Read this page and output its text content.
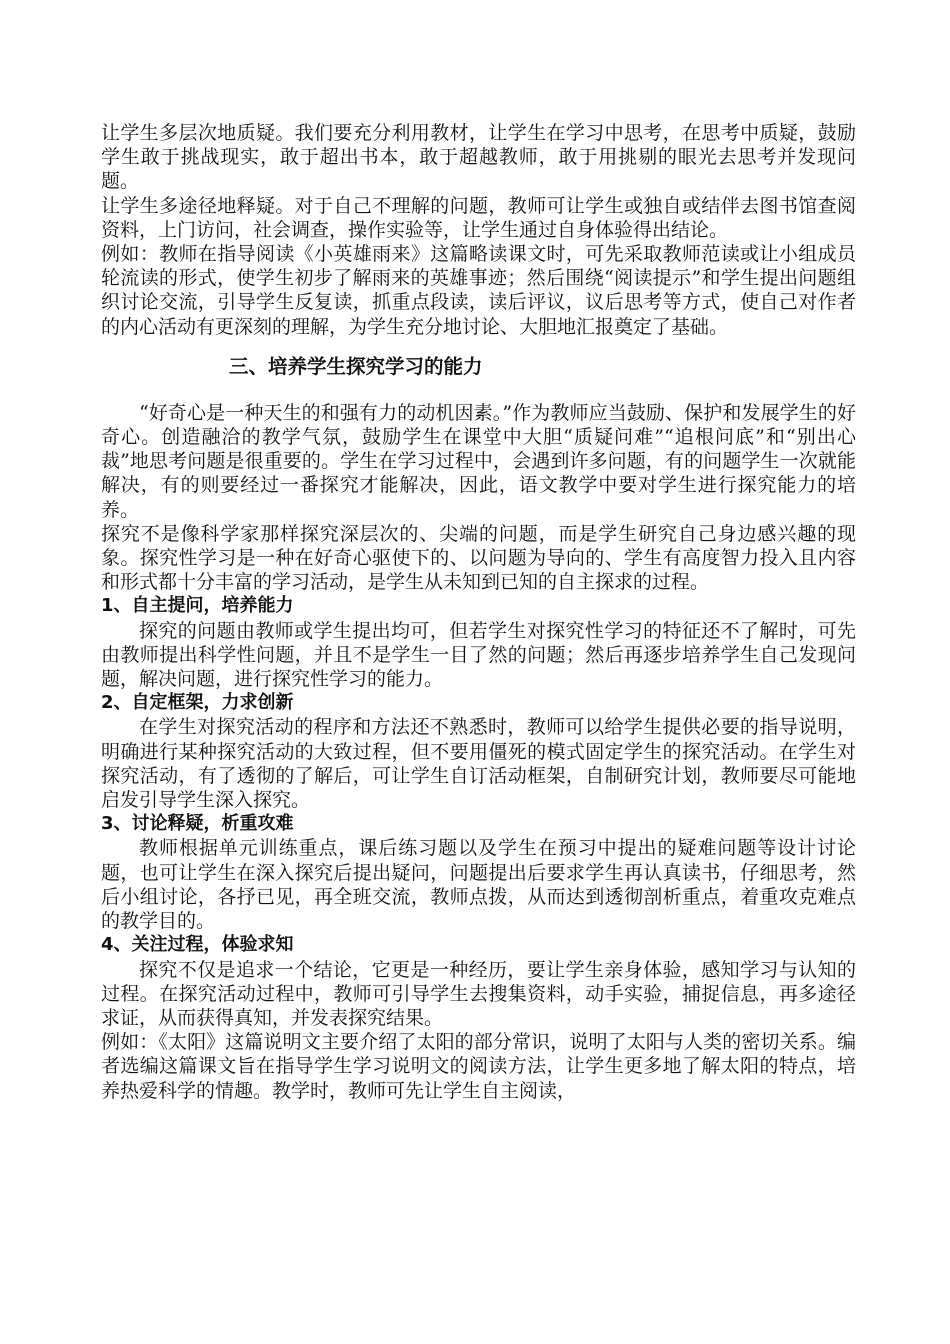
让学生多层次地质疑。我们要充分利用教材，让学生在学习中思考，在思考中质疑，鼓励学生敢于挑战现实，敢于超出书本，敢于超越教师，敢于用挑剔的眼光去思考并发现问题。

让学生多途径地释疑。对于自己不理解的问题，教师可让学生或独自或结伴去图书馆查阅资料，上门访问，社会调查，操作实验等，让学生通过自身体验得出结论。

例如：教师在指导阅读《小英雄雨来》这篇略读课文时，可先采取教师范读或让小组成员轮流读的形式，使学生初步了解雨来的英雄事迹；然后围绕“阅读提示”和学生提出问题组织讨论交流，引导学生反复读，抓重点段读，读后评议，议后思考等方式，使自己对作者的内心活动有更深刻的理解，为学生充分地讨论、大胆地汇报奠定了基础。

三、培养学生探究学习的能力

“好奇心是一种天生的和强有力的动机因素。”作为教师应当鼓励、保护和发展学生的好奇心。创造融洽的教学气氛，鼓励学生在课堂中大胆“质疑问难”“追根问底”和“别出心裁”地思考问题是很重要的。学生在学习过程中，会遇到许多问题，有的问题学生一次就能解决，有的则要经过一番探究才能解决，因此，语文教学中要对学生进行探究能力的培养。

探究不是像科学家那样探究深层次的、尖端的问题，而是学生研究自己身边感兴趣的现象。探究性学习是一种在好奇心驱使下的、以问题为导向的、学生有高度智力投入且内容和形式都十分丰富的学习活动，是学生从未知到已知的自主探求的过程。

1、自主提问，培养能力

探究的问题由教师或学生提出均可，但若学生对探究性学习的特征还不了解时，可先由教师提出科学性问题，并且不是学生一目了然的问题；然后再逐步培养学生自己发现问题，解决问题，进行探究性学习的能力。

2、自定框架，力求创新

在学生对探究活动的程序和方法还不熟悉时，教师可以给学生提供必要的指导说明，明确进行某种探究活动的大致过程，但不要用僵死的模式固定学生的探究活动。在学生对探究活动，有了透彻的了解后，可让学生自订活动框架，自制研究计划，教师要尽可能地启发引导学生深入探究。

3、讨论释疑，析重攻难

教师根据单元训练重点，课后练习题以及学生在预习中提出的疑难问题等设计讨论题，也可让学生在深入探究后提出疑问，问题提出后要求学生再认真读书，仔细思考，然后小组讨论，各抒已见，再全班交流，教师点拨，从而达到透彻剖析重点，着重攻克难点的教学目的。

4、关注过程，体验求知

探究不仅是追求一个结论，它更是一种经历，要让学生亲身体验，感知学习与认知的过程。在探究活动过程中，教师可引导学生去搜集资料，动手实验，捕捉信息，再多途径求证，从而获得真知，并发表探究结果。

例如：《太阳》这篇说明文主要介绍了太阳的部分常识，说明了太阳与人类的密切关系。编者选编这篇课文旨在指导学生学习说明文的阅读方法，让学生更多地了解太阳的特点，培养热爱科学的情趣。教学时，教师可先让学生自主阅读，
